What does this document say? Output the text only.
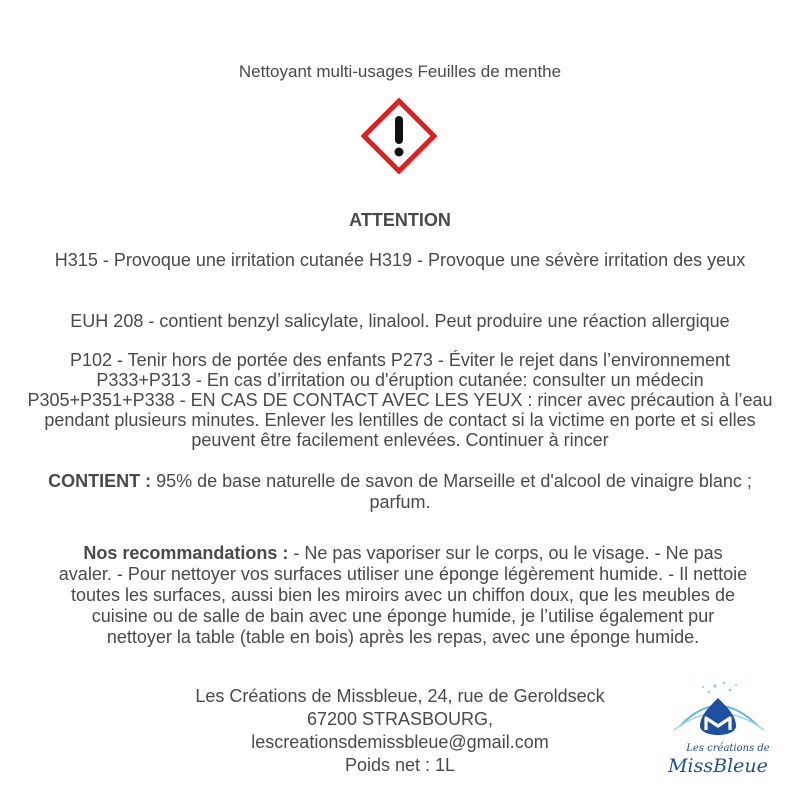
Nettoyant multi-usages Feuilles de menthe
ATTENTION
H315 - Provoque une irritation cutanée H319 - Provoque une sévère irritation des yeux
EUH 208 - contient benzyl salicylate, linalool. Peut produire une réaction allergique
P102 - Tenir hors de portée des enfants P273 - Éviter le rejet dans l’environnement
P333+P313 - En cas d’irritation ou d'éruption cutanée: consulter un médecin
P305+P351+P338 - EN CAS DE CONTACT AVEC LES YEUX : rincer avec précaution à l’eau pendant plusieurs minutes. Enlever les lentilles de contact si la victime en porte et si elles peuvent être facilement enlevées. Continuer à rincer
CONTIENT : 95% de base naturelle de savon de Marseille et d'alcool de vinaigre blanc ; parfum.
Nos recommandations : - Ne pas vaporiser sur le corps, ou le visage. - Ne pas avaler. - Pour nettoyer vos surfaces utiliser une éponge légèrement humide. - Il nettoie toutes les surfaces, aussi bien les miroirs avec un chiffon doux, que les meubles de cuisine ou de salle de bain avec une éponge humide, je l’utilise également pur nettoyer la table (table en bois) après les repas, avec une éponge humide.
Les Créations de Missbleue, 24, rue de Geroldseck
67200 STRASBOURG,
lescreationsdemissbleue@gmail.com
Poids net : 1L
Les créations de
MissBleue
